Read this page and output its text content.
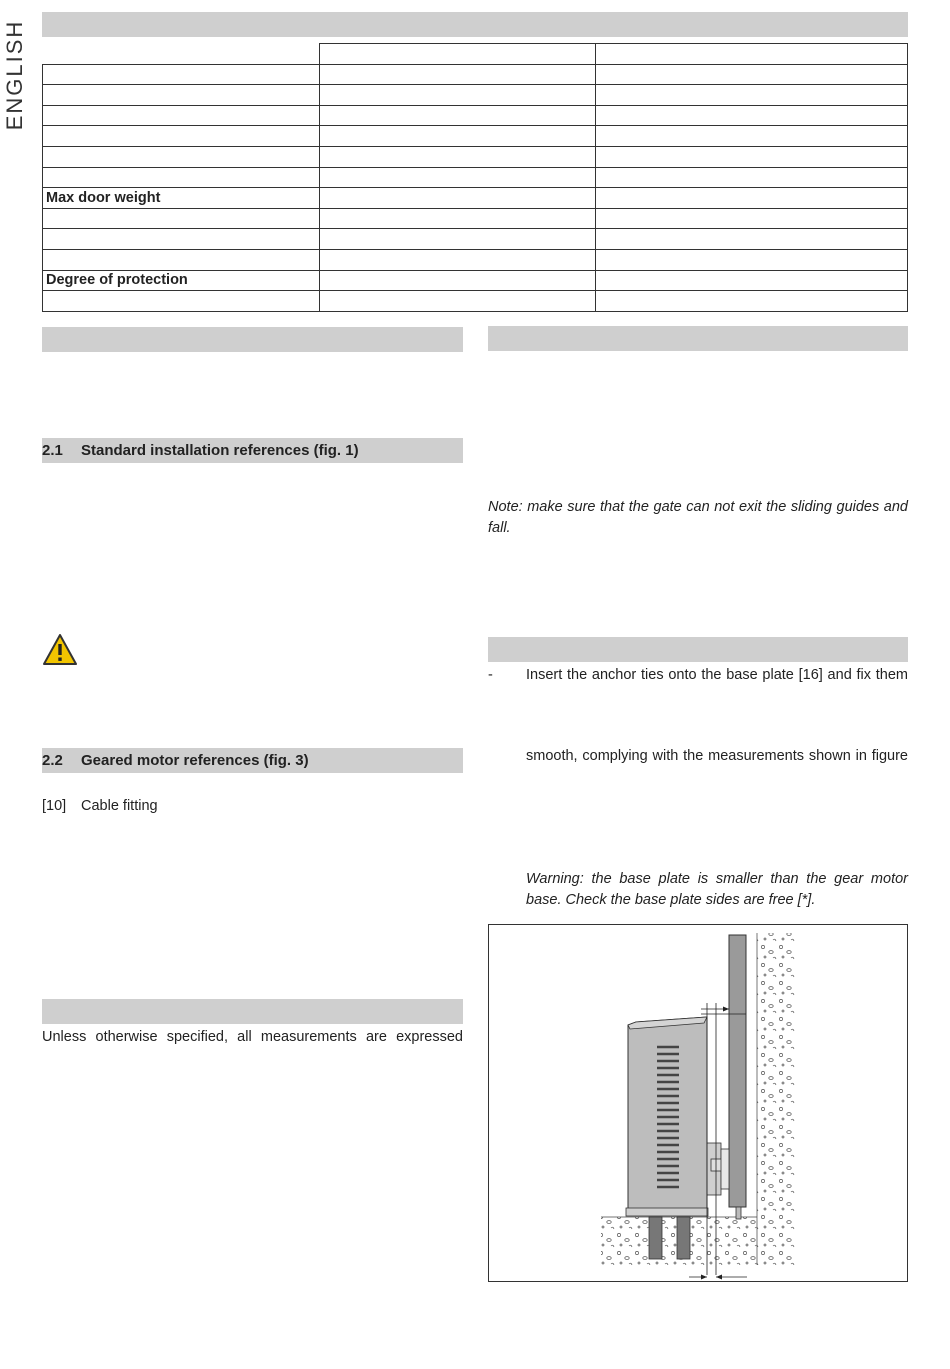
ENGLISH

Max door weight		

Degree of protection		

2.1 Standard installation references (fig. 1)
Note: make sure that the gate can not exit the sliding guides and fall.
- Insert the anchor ties onto the base plate [16] and fix them
2.2 Geared motor references (fig. 3)	smooth, complying with the measurements shown in figure
[10] Cable fitting
Warning: the base plate is smaller than the gear motor base. Check the base plate sides are free [*].
Unless otherwise specified, all measurements are expressed
